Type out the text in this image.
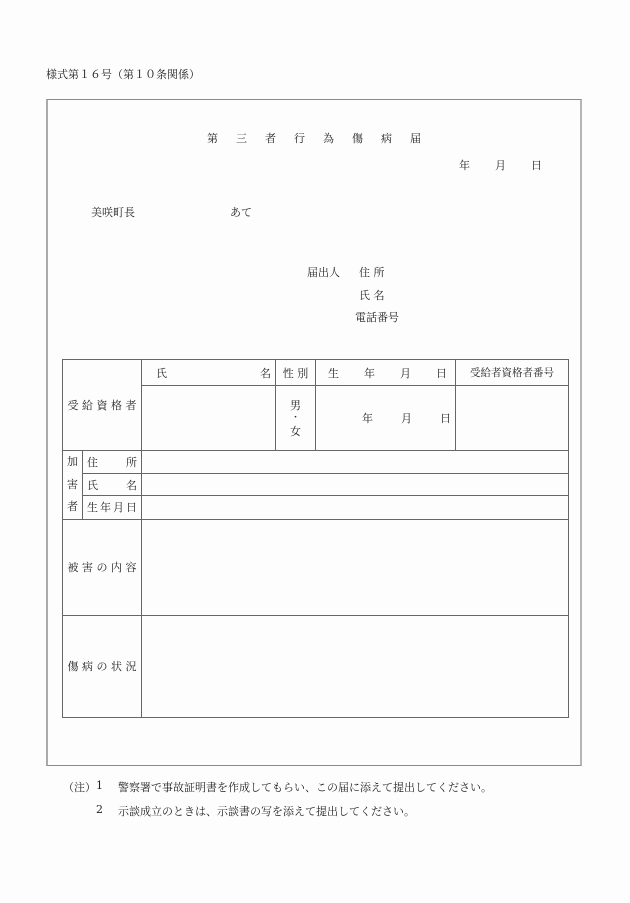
様式第１６号（第１０条関係）
第 三 者 行 為 傷 病 届
年 月 日
美咲町長	あて
届出人 住 所
氏 名
電話番号
受 給 資 格 者		氏 名	性 別	生 年 月 日	受給者資格者番号

			男
・
女	年 月 日	

加
害
者	住 所				

	氏 名				

	生 年 月 日				

被 害 の 内 容					
傷 病 の 状 況					
（注） 1 警察署で事故証明書を作成してもらい、この届に添えて提出してください。
2 示談成立のときは、示談書の写を添えて提出してください。
